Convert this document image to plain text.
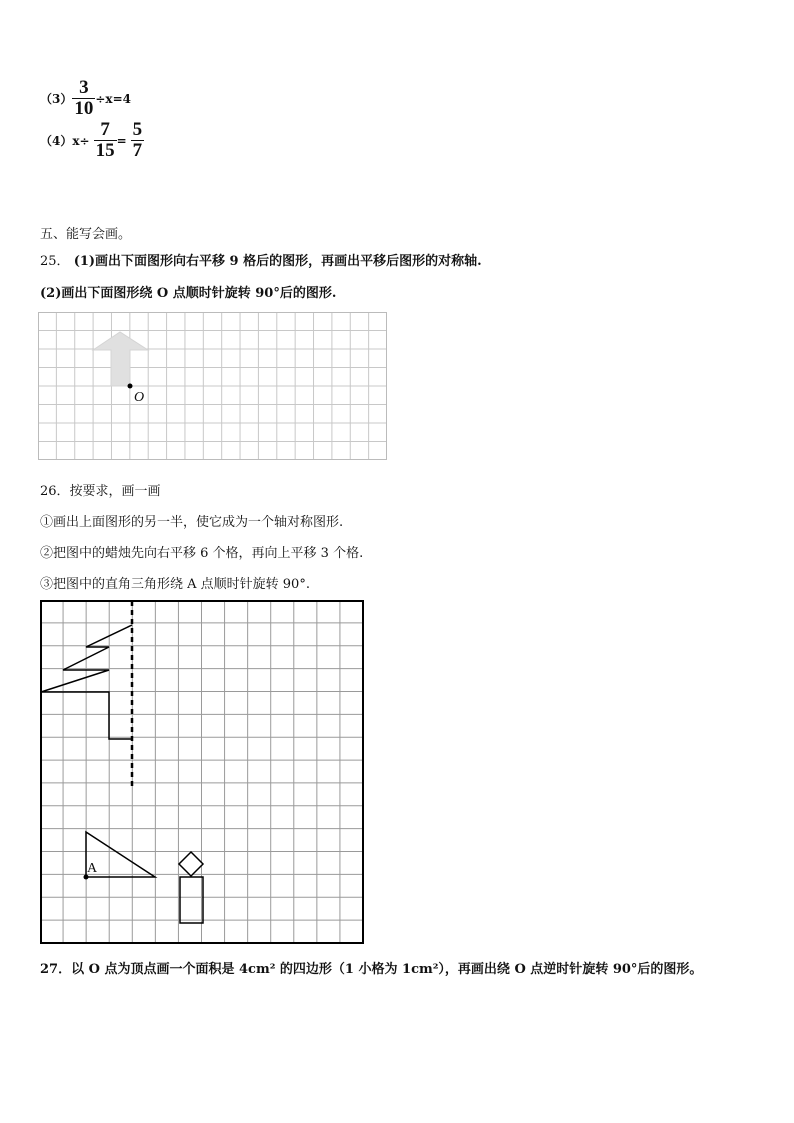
$(3) \frac{3}{10} \div x=4$
$(4)x\div \frac{7}{15} = \frac{5}{7}$
五、能写会画。
25． (1)画出下面图形向右平移 9 格后的图形，再画出平移后图形的对称轴.
(2)画出下面图形绕 O 点顺时针旋转 90°后的图形.
O
26．按要求，画一画
①画出上面图形的另一半，使它成为一个轴对称图形.
②把图中的蜡烛先向右平移 6 个格，再向上平移 3 个格.
③把图中的直角三角形绕 A 点顺时针旋转 90°.
A
27．以 O 点为顶点画一个面积是 4cm² 的四边形（1 小格为 1cm²），再画出绕 O 点逆时针旋转 90°后的图形。
